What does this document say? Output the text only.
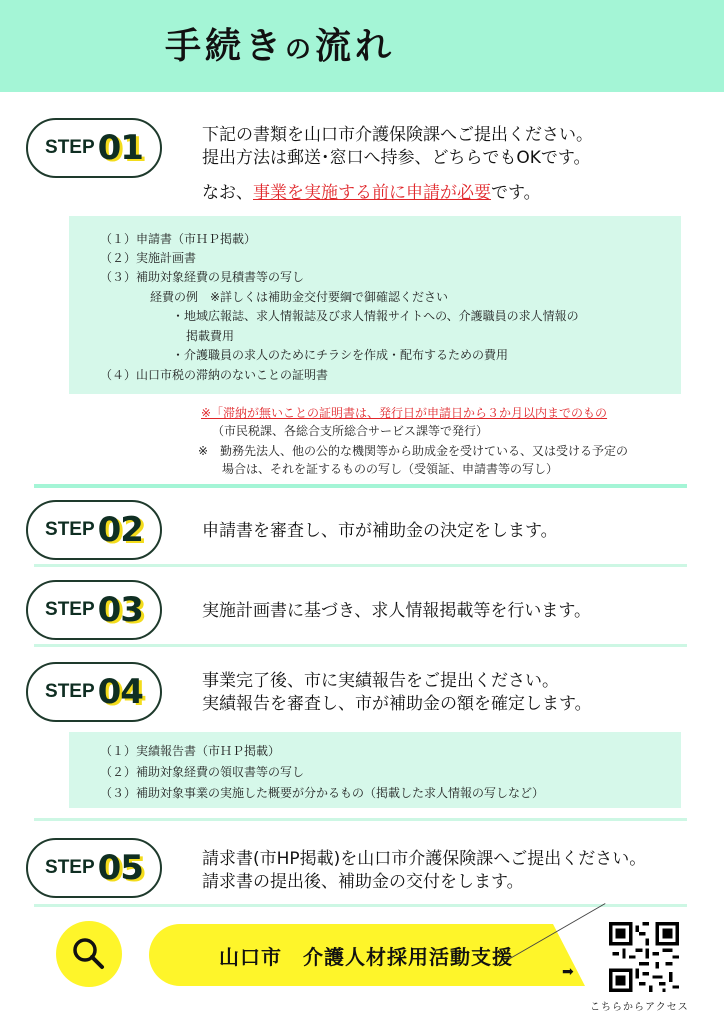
手続きの流れ
STEP 01	下記の書類を山口市介護保険課へご提出ください。
提出方法は郵送･窓口へ持参、どちらでもOKです。
なお、事業を実施する前に申請が必要です。
（１）申請書（市ＨＰ掲載）
（２）実施計画書
（３）補助対象経費の見積書等の写し
経費の例　※詳しくは補助金交付要綱で御確認ください
・地域広報誌、求人情報誌及び求人情報サイトへの、介護職員の求人情報の
掲載費用
・介護職員の求人のためにチラシを作成・配布するための費用
（４）山口市税の滞納のないことの証明書
※「滞納が無いことの証明書は、発行日が申請日から３か月以内までのもの
（市民税課、各総合支所総合サービス課等で発行）
※　勤務先法人、他の公的な機関等から助成金を受けている、又は受ける予定の
場合は、それを証するものの写し（受領証、申請書等の写し）
STEP 02	申請書を審査し、市が補助金の決定をします。
STEP 03	実施計画書に基づき、求人情報掲載等を行います。
STEP 04	事業完了後、市に実績報告をご提出ください。
実績報告を審査し、市が補助金の額を確定します。
（１）実績報告書（市ＨＰ掲載）
（２）補助対象経費の領収書等の写し
（３）補助対象事業の実施した概要が分かるもの（掲載した求人情報の写しなど）
STEP 05	請求書(市HP掲載)を山口市介護保険課へご提出ください。
請求書の提出後、補助金の交付をします。
山口市　介護人材採用活動支援
➡
こちらからアクセス
